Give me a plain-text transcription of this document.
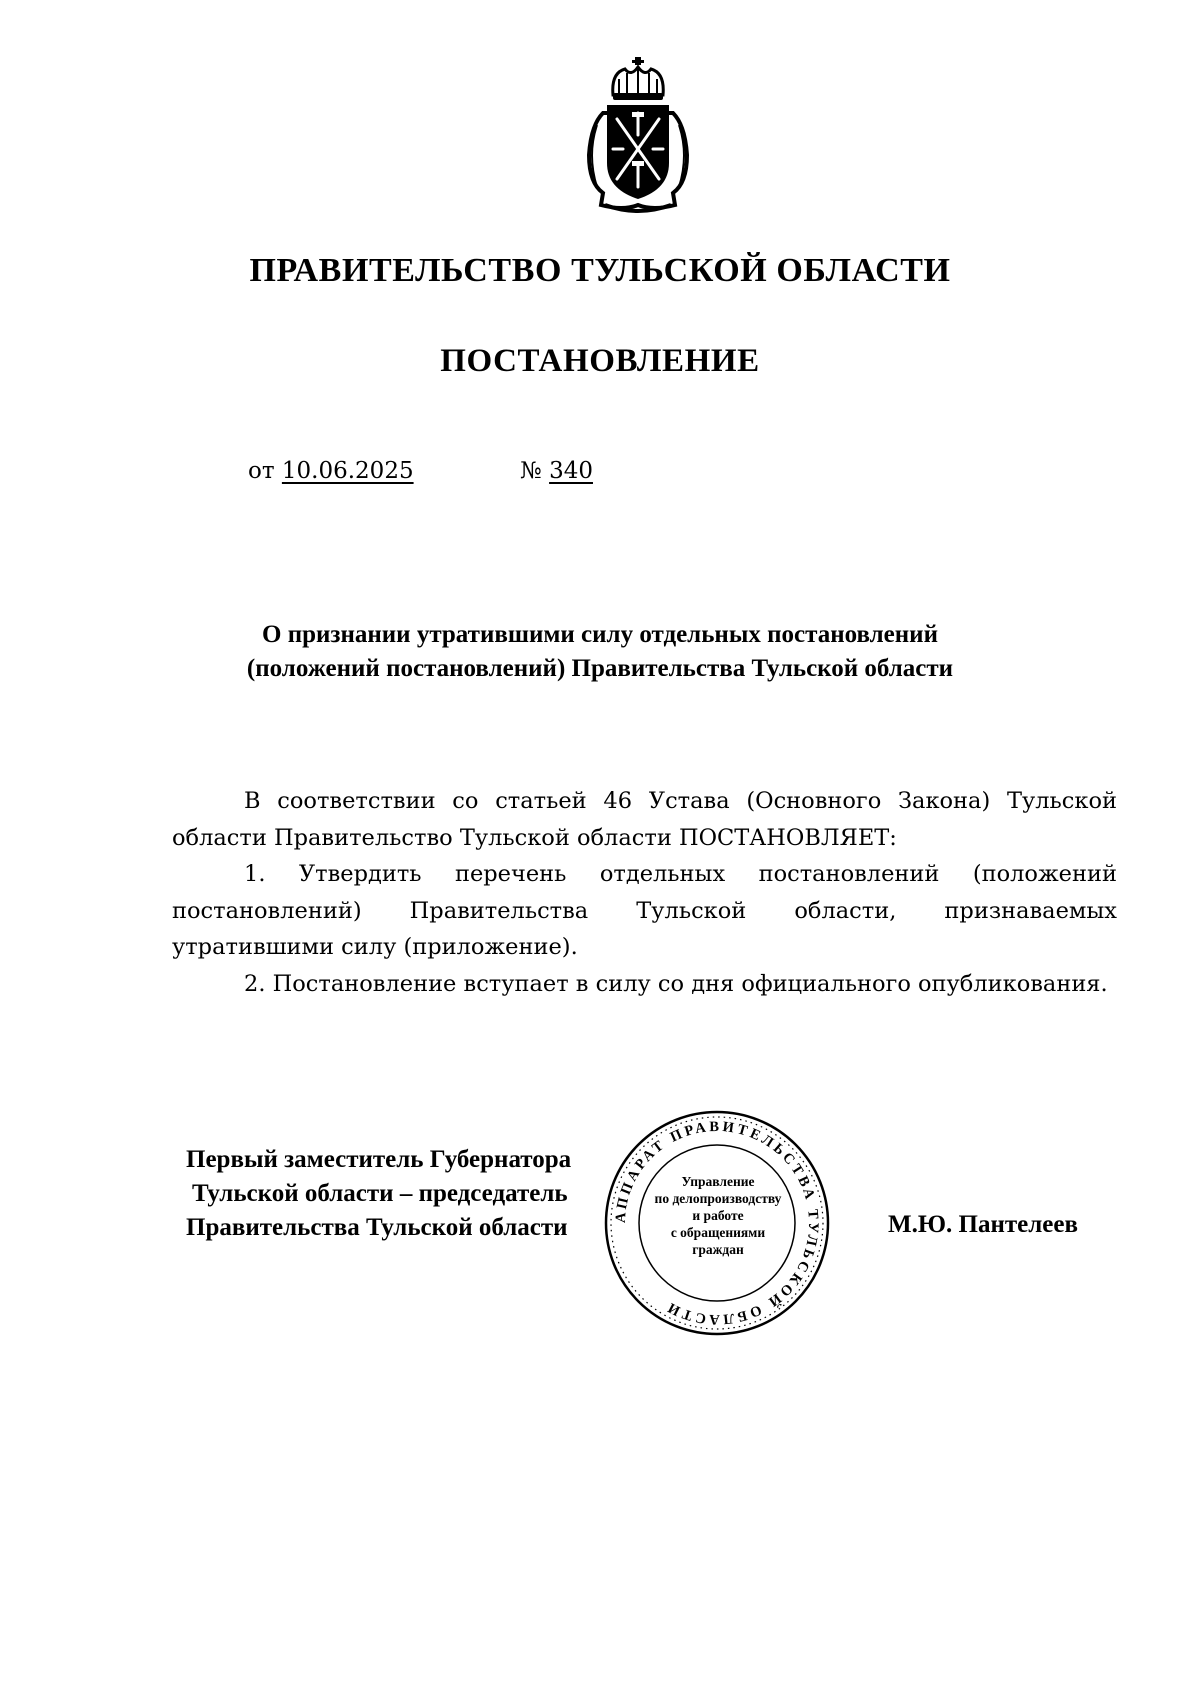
ПРАВИТЕЛЬСТВО ТУЛЬСКОЙ ОБЛАСТИ
ПОСТАНОВЛЕНИЕ
от 10.06.2025	№ 340
О признании утратившими силу отдельных постановлений
(положений постановлений) Правительства Тульской области

В соответствии со статьей 46 Устава (Основного Закона) Тульской области Правительство Тульской области ПОСТАНОВЛЯЕТ:

1. Утвердить перечень отдельных постановлений (положений постановлений) Правительства Тульской области, признаваемых утратившими силу (приложение).

2. Постановление вступает в силу со дня официального опубликования.

Первый заместитель Губернатора
Тульской области – председатель
Правительства Тульской области	АППАРАТ ПРАВИТЕЛЬСТВА ТУЛЬСКОЙ ОБЛАСТИ
Управление
по делопроизводству
и работе
с обращениями
граждан
М.Ю. Пантелеев
